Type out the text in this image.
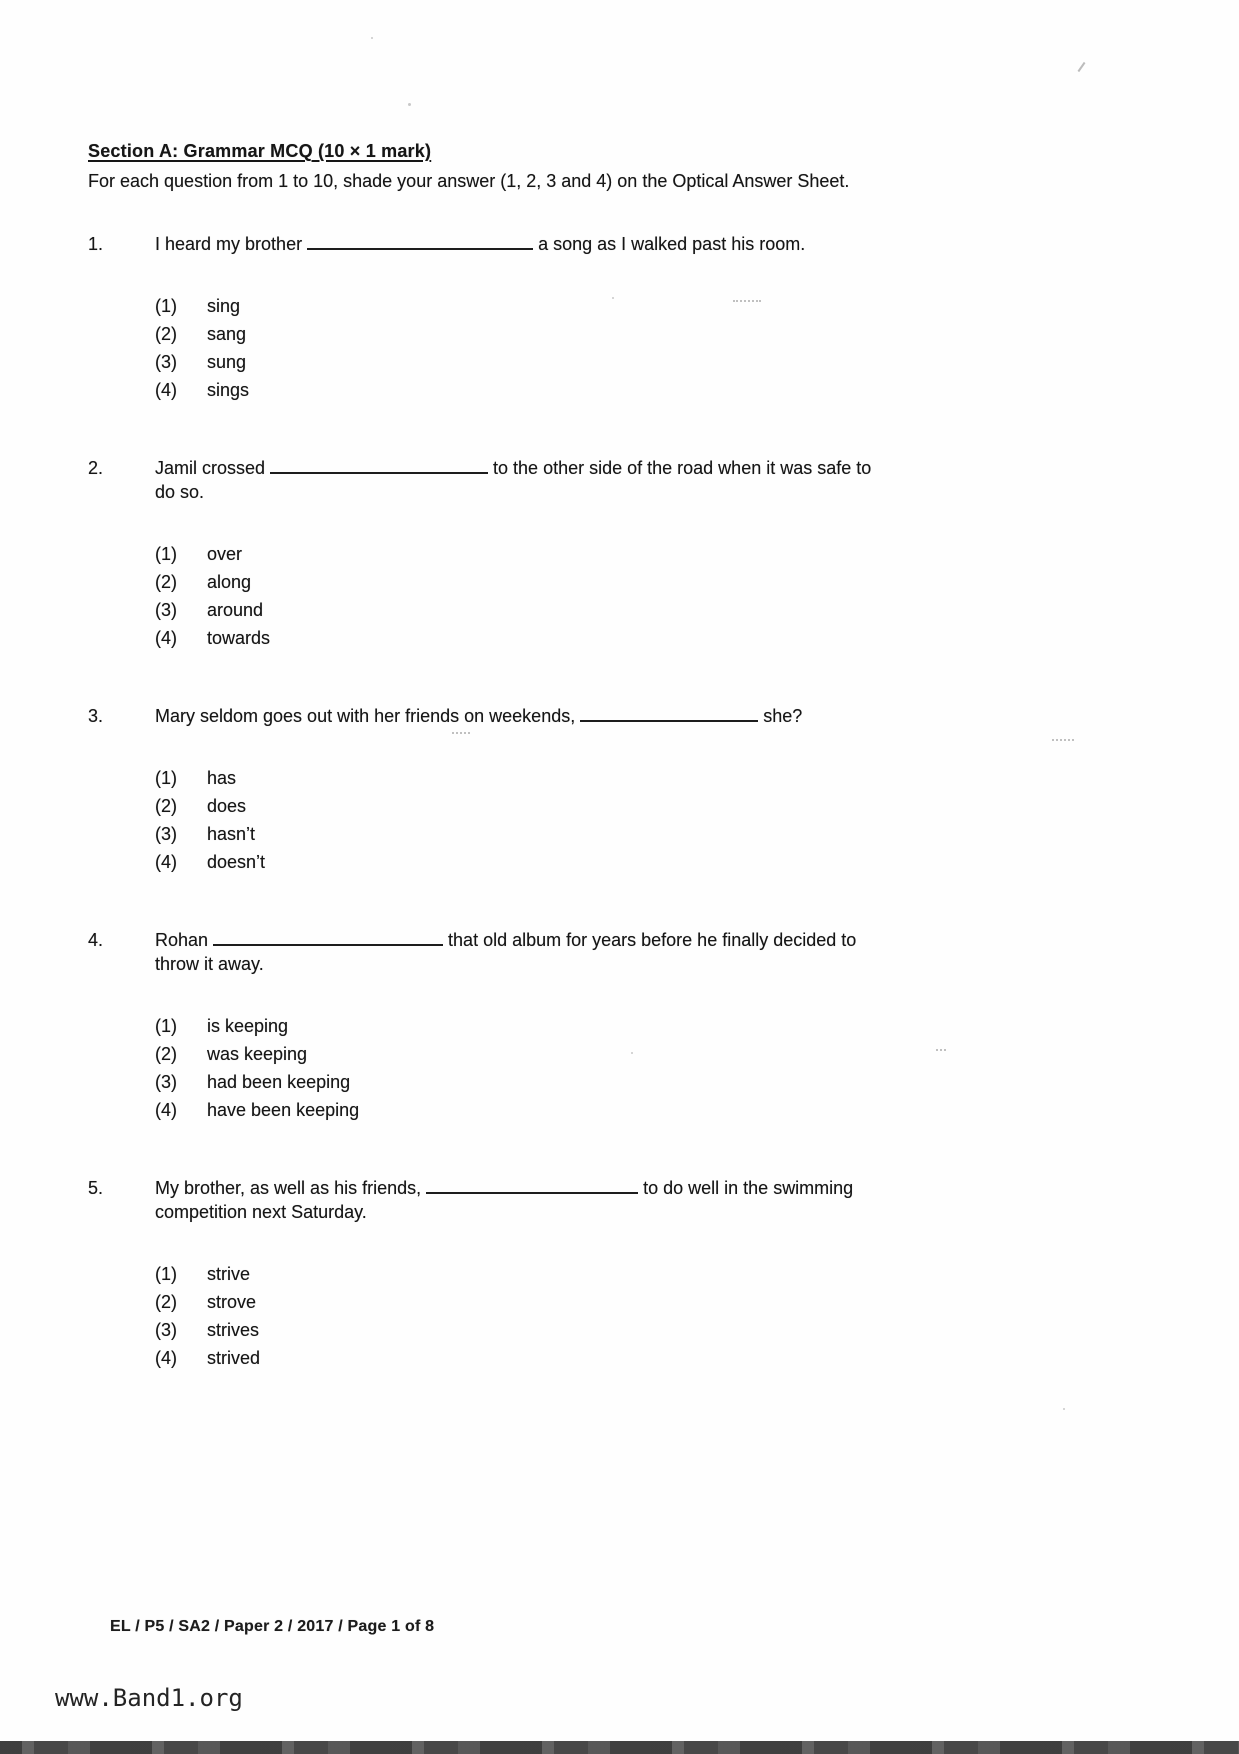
Section A: Grammar MCQ (10 × 1 mark)

For each question from 1 to 10, shade your answer (1, 2, 3 and 4) on the Optical Answer Sheet.

1.	I heard my brother	a song as I walked past his room.

(1)	sing
(2)	sang
(3)	sung
(4)	sings
2.	Jamil crossed	to the other side of the road when it was safe to
do so.

(1)	over
(2)	along
(3)	around
(4)	towards
3.	Mary seldom goes out with her friends on weekends,	she?

(1)	has
(2)	does
(3)	hasn’t
(4)	doesn’t
4.	Rohan	that old album for years before he finally decided to
throw it away.

(1)	is keeping
(2)	was keeping
(3)	had been keeping
(4)	have been keeping
5.	My brother, as well as his friends,	to do well in the swimming
competition next Saturday.

(1)	strive
(2)	strove
(3)	strives
(4)	strived
EL / P5 / SA2 / Paper 2 / 2017 / Page 1 of 8
www.Band1.org
